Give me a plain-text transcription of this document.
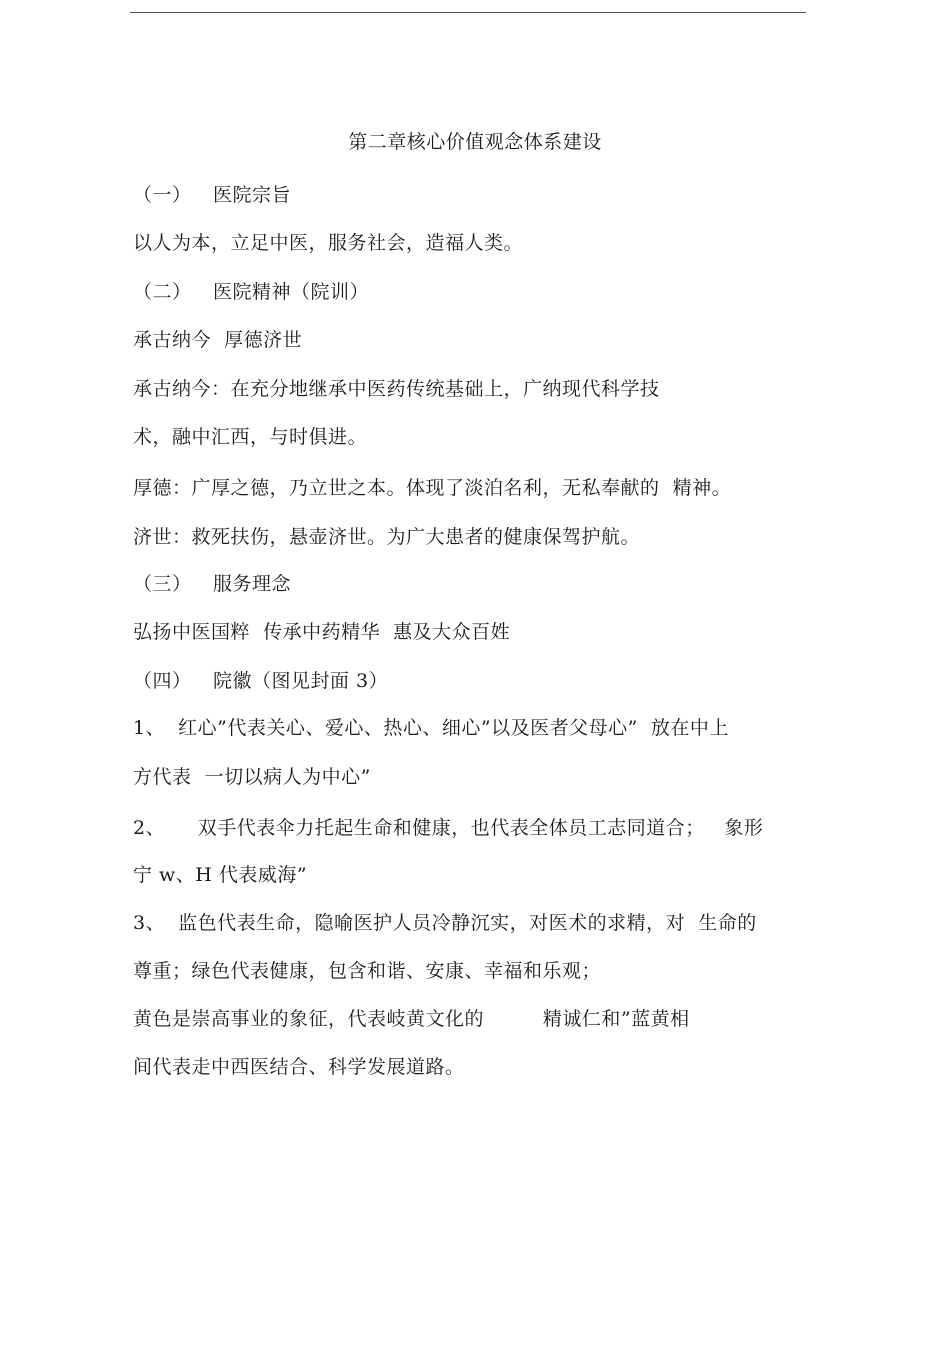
第二章核心价值观念体系建设
（一） 医院宗旨
以人为本，立足中医，服务社会，造福人类。
（二） 医院精神（院训）
承古纳今  厚德济世
承古纳今：在充分地继承中医药传统基础上，广纳现代科学技
术，融中汇西，与时俱进。
厚德：广厚之德，乃立世之本。体现了淡泊名利，无私奉献的  精神。
济世：救死扶伤，悬壶济世。为广大患者的健康保驾护航。
（三） 服务理念
弘扬中医国粹  传承中药精华  惠及大众百姓
（四） 院徽（图见封面 3）
1、  红心”代表关心、爱心、热心、细心”以及医者父母心”  放在中上
方代表  一切以病人为中心”
2、     双手代表伞力托起生命和健康，也代表全体员工志同道合；   象形
宁 w、H 代表威海”
3、  监色代表生命，隐喻医护人员冷静沉实，对医术的求精，对  生命的
尊重；绿色代表健康，包含和谐、安康、幸福和乐观；
黄色是崇高事业的象征，代表岐黄文化的         精诚仁和”蓝黄相
间代表走中西医结合、科学发展道路。
